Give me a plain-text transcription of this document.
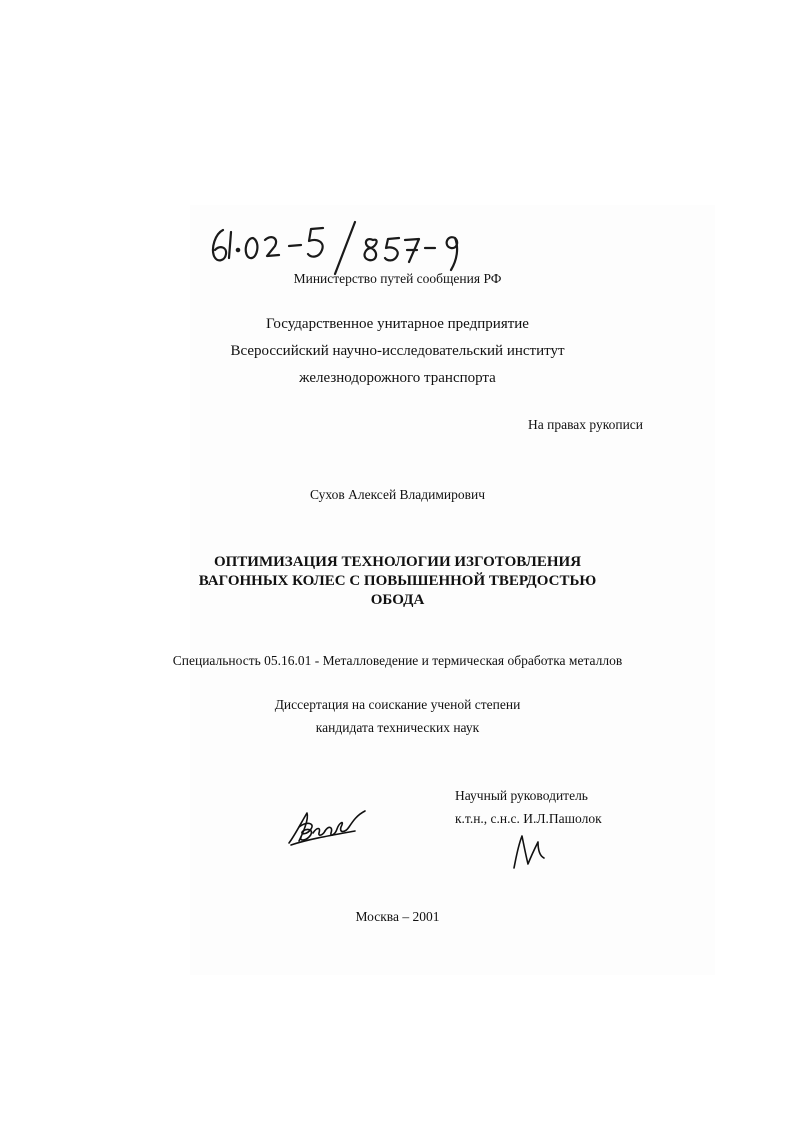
Министерство путей сообщения РФ
Государственное унитарное предприятие
Всероссийский научно-исследовательский институт
железнодорожного транспорта
На правах рукописи
Сухов Алексей Владимирович
ОПТИМИЗАЦИЯ ТЕХНОЛОГИИ ИЗГОТОВЛЕНИЯ
ВАГОННЫХ КОЛЕС С ПОВЫШЕННОЙ ТВЕРДОСТЬЮ
ОБОДА
Специальность 05.16.01 - Металловедение и термическая обработка металлов
Диссертация на соискание ученой степени
кандидата технических наук
Научный руководитель
к.т.н., с.н.с. И.Л.Пашолок
Москва – 2001
